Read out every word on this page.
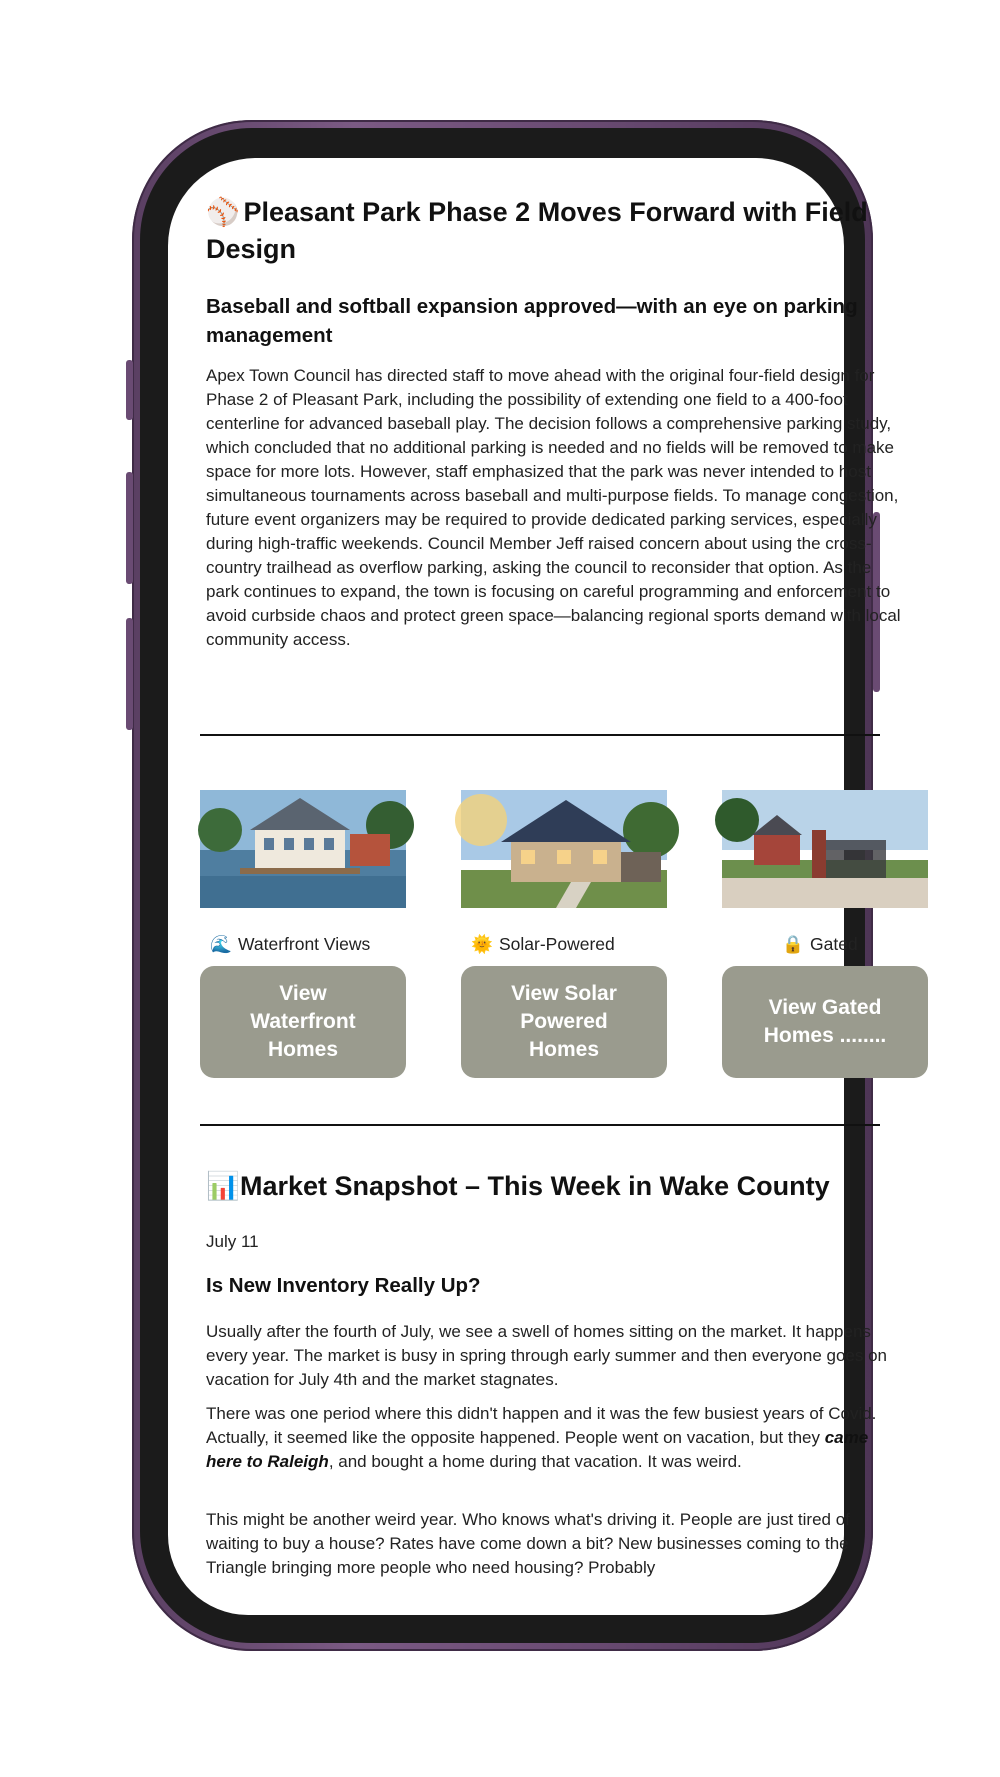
⚾ Pleasant Park Phase 2 Moves Forward with Field Design
Baseball and softball expansion approved—with an eye on parking management
Apex Town Council has directed staff to move ahead with the original four-field design for Phase 2 of Pleasant Park, including the possibility of extending one field to a 400-foot centerline for advanced baseball play. The decision follows a comprehensive parking study, which concluded that no additional parking is needed and no fields will be removed to make space for more lots. However, staff emphasized that the park was never intended to host simultaneous tournaments across baseball and multi-purpose fields. To manage congestion, future event organizers may be required to provide dedicated parking services, especially during high-traffic weekends. Council Member Jeff raised concern about using the cross-country trailhead as overflow parking, asking the council to reconsider that option. As the park continues to expand, the town is focusing on careful programming and enforcement to avoid curbside chaos and protect green space—balancing regional sports demand with local community access.
🌊 Waterfront Views
View Waterfront Homes
🌞 Solar-Powered
View Solar Powered Homes
🔒 Gated
View Gated Homes ........
📊Market Snapshot – This Week in Wake County
July 11
Is New Inventory Really Up?
Usually after the fourth of July, we see a swell of homes sitting on the market. It happens every year. The market is busy in spring through early summer and then everyone goes on vacation for July 4th and the market stagnates.
There was one period where this didn't happen and it was the few busiest years of Covid. Actually, it seemed like the opposite happened. People went on vacation, but they came here to Raleigh, and bought a home during that vacation. It was weird.
This might be another weird year. Who knows what's driving it. People are just tired of waiting to buy a house? Rates have come down a bit? New businesses coming to the Triangle bringing more people who need housing? Probably
